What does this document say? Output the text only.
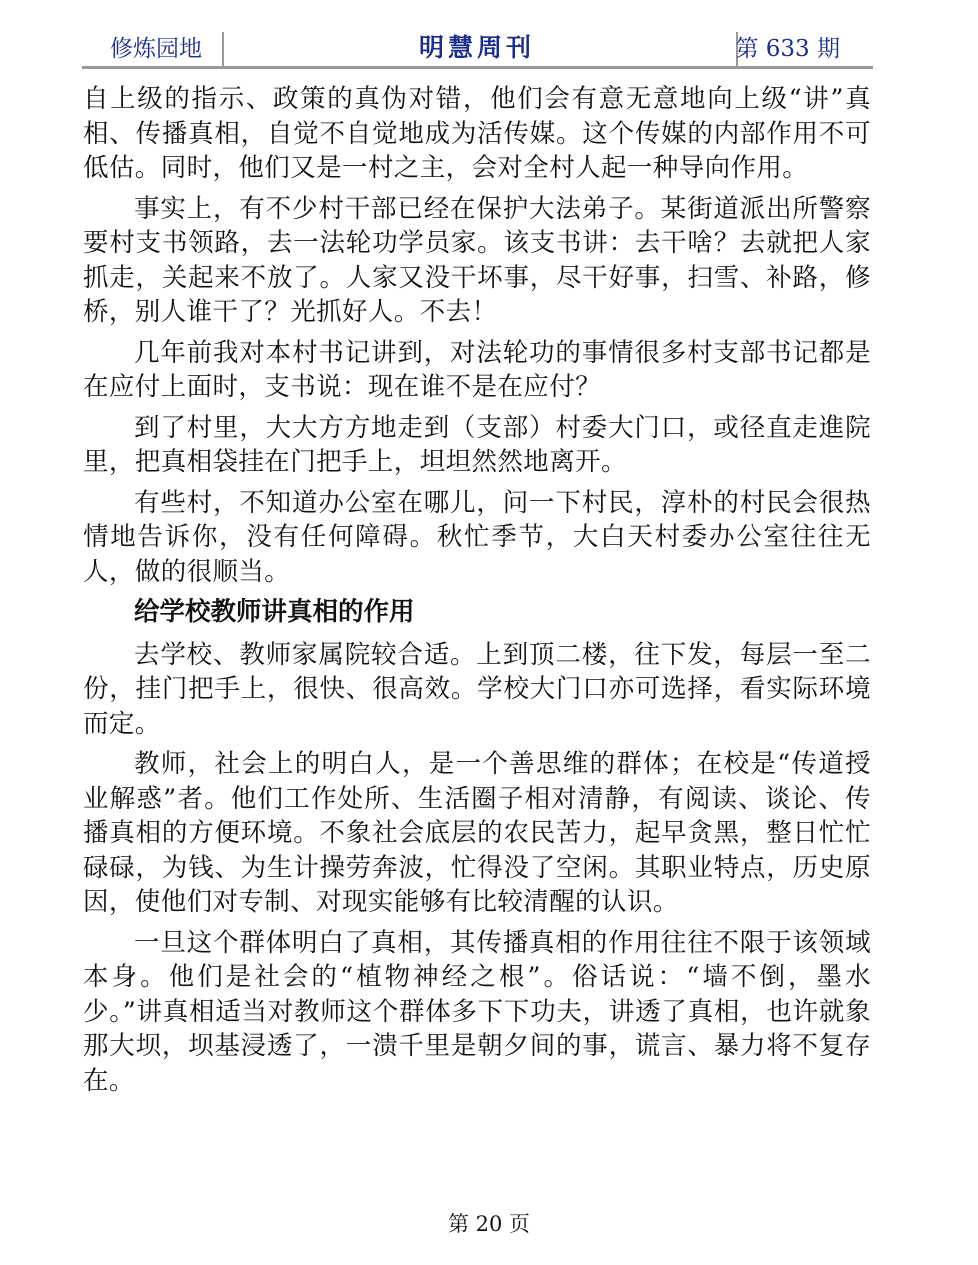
修炼园地	明慧周刊	第 633 期

自上级的指示、政策的真伪对错，他们会有意无意地向上级“讲”真相、传播真相，自觉不自觉地成为活传媒。这个传媒的内部作用不可低估。同时，他们又是一村之主，会对全村人起一种导向作用。

事实上，有不少村干部已经在保护大法弟子。某街道派出所警察要村支书领路，去一法轮功学员家。该支书讲：去干啥？去就把人家抓走，关起来不放了。人家又没干坏事，尽干好事，扫雪、补路，修桥，别人谁干了？光抓好人。不去！

几年前我对本村书记讲到，对法轮功的事情很多村支部书记都是在应付上面时，支书说：现在谁不是在应付？

到了村里，大大方方地走到（支部）村委大门口，或径直走進院里，把真相袋挂在门把手上，坦坦然然地离开。

有些村，不知道办公室在哪儿，问一下村民，淳朴的村民会很热情地告诉你，没有任何障碍。秋忙季节，大白天村委办公室往往无人，做的很顺当。

给学校教师讲真相的作用

去学校、教师家属院较合适。上到顶二楼，往下发，每层一至二份，挂门把手上，很快、很高效。学校大门口亦可选择，看实际环境而定。

教师，社会上的明白人，是一个善思维的群体；在校是“传道授业解惑”者。他们工作处所、生活圈子相对清静，有阅读、谈论、传播真相的方便环境。不象社会底层的农民苦力，起早贪黑，整日忙忙碌碌，为钱、为生计操劳奔波，忙得没了空闲。其职业特点，历史原因，使他们对专制、对现实能够有比较清醒的认识。

一旦这个群体明白了真相，其传播真相的作用往往不限于该领域本身。他们是社会的“植物神经之根”。俗话说：“墙不倒，墨水少。”讲真相适当对教师这个群体多下下功夫，讲透了真相，也许就象那大坝，坝基浸透了，一溃千里是朝夕间的事，谎言、暴力将不复存在。

第 20 页
